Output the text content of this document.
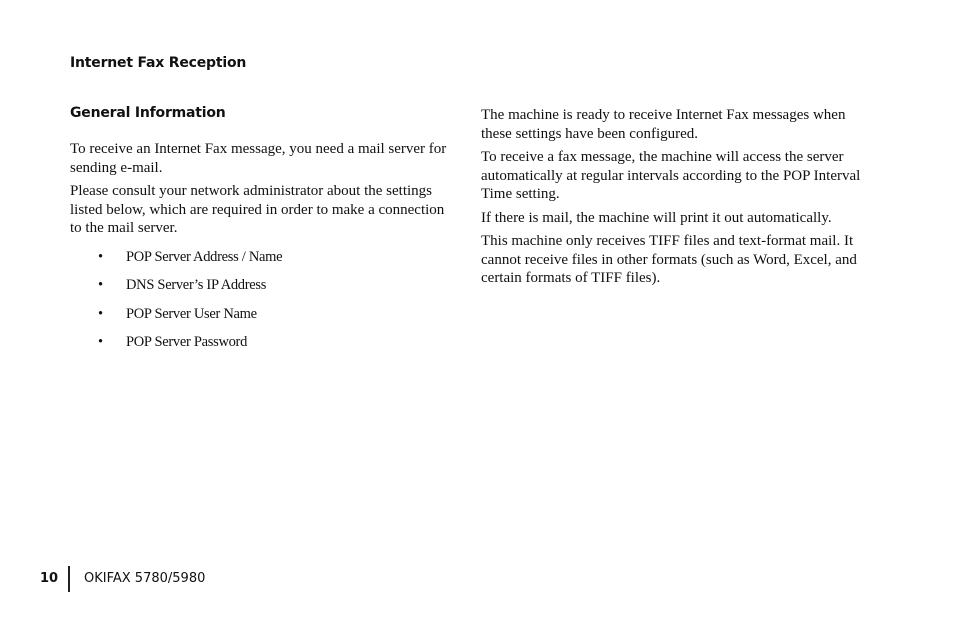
Internet Fax Reception
General Information

To receive an Internet Fax message, you need a mail server for sending e-mail.

Please consult your network administrator about the settings listed below, which are required in order to make a connection to the mail server.

• POP Server Address / Name
• DNS Server’s IP Address
• POP Server User Name
• POP Server Password

The machine is ready to receive Internet Fax messages when these settings have been configured.

To receive a fax message, the machine will access the server automatically at regular intervals according to the POP Interval Time setting.

If there is mail, the machine will print it out automatically.

This machine only receives TIFF files and text-format mail. It cannot receive files in other formats (such as Word, Excel, and certain formats of TIFF files).

10 OKIFAX 5780/5980
